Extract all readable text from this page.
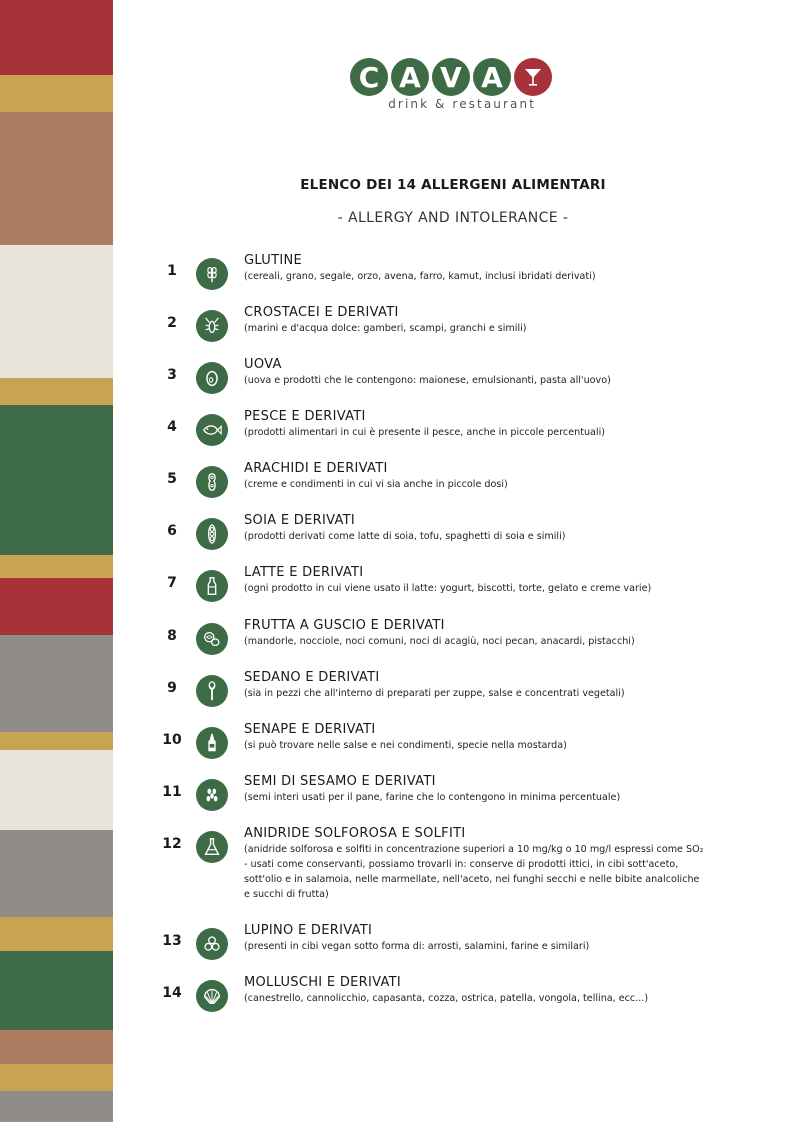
C A V A
drink & restaurant
ELENCO DEI 14 ALLERGENI ALIMENTARI
- ALLERGY AND INTOLERANCE -
1
GLUTINE
(cereali, grano, segale, orzo, avena, farro, kamut, inclusi ibridati derivati)
2
CROSTACEI E DERIVATI
(marini e d'acqua dolce: gamberi, scampi, granchi e simili)
3
UOVA
(uova e prodotti che le contengono: maionese, emulsionanti, pasta all'uovo)
4
PESCE E DERIVATI
(prodotti alimentari in cui è presente il pesce, anche in piccole percentuali)
5
ARACHIDI E DERIVATI
(creme e condimenti in cui vi sia anche in piccole dosi)
6
SOIA E DERIVATI
(prodotti derivati come latte di soia, tofu, spaghetti di soia e simili)
7
LATTE E DERIVATI
(ogni prodotto in cui viene usato il latte: yogurt, biscotti, torte, gelato e creme varie)
8
FRUTTA A GUSCIO E DERIVATI
(mandorle, nocciole, noci comuni, noci di acagiù, noci pecan, anacardi, pistacchi)
9
SEDANO E DERIVATI
(sia in pezzi che all'interno di preparati per zuppe, salse e concentrati vegetali)
10
SENAPE E DERIVATI
(si può trovare nelle salse e nei condimenti, specie nella mostarda)
11
SEMI DI SESAMO E DERIVATI
(semi interi usati per il pane, farine che lo contengono in minima percentuale)
12
ANIDRIDE SOLFOROSA E SOLFITI
(anidride solforosa e solfiti in concentrazione superiori a 10 mg/kg o 10 mg/l espressi come SO₂ - usati come conservanti, possiamo trovarli in: conserve di prodotti ittici, in cibi sott'aceto, sott'olio e in salamoia, nelle marmellate, nell'aceto, nei funghi secchi e nelle bibite analcoliche e succhi di frutta)
13
LUPINO E DERIVATI
(presenti in cibi vegan sotto forma di: arrosti, salamini, farine e similari)
14
MOLLUSCHI E DERIVATI
(canestrello, cannolicchio, capasanta, cozza, ostrica, patella, vongola, tellina, ecc...)
